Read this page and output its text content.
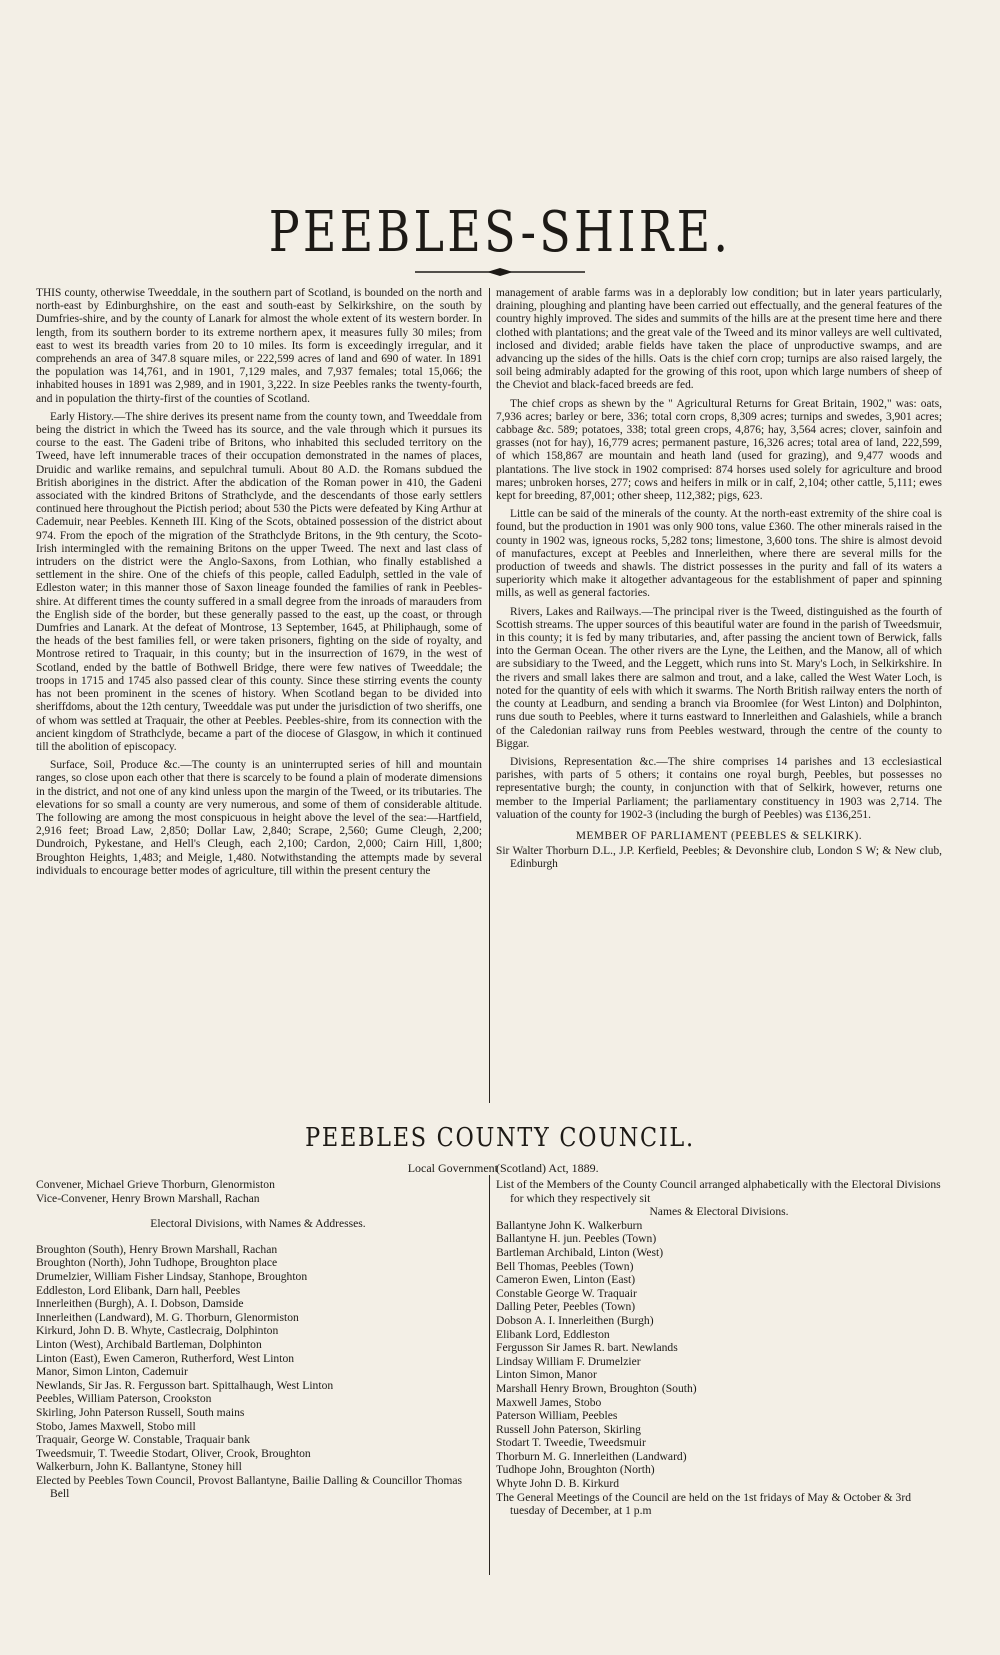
PEEBLES-SHIRE.

THIS county, otherwise Tweeddale, in the southern part of Scotland, is bounded on the north and north-east by Edinburghshire, on the east and south-east by Selkirkshire, on the south by Dumfries-shire, and by the county of Lanark for almost the whole extent of its western border. In length, from its southern border to its extreme northern apex, it measures fully 30 miles; from east to west its breadth varies from 20 to 10 miles. Its form is exceedingly irregular, and it comprehends an area of 347.8 square miles, or 222,599 acres of land and 690 of water. In 1891 the population was 14,761, and in 1901, 7,129 males, and 7,937 females; total 15,066; the inhabited houses in 1891 was 2,989, and in 1901, 3,222. In size Peebles ranks the twenty-fourth, and in population the thirty-first of the counties of Scotland.

Early History.—The shire derives its present name from the county town, and Tweeddale from being the district in which the Tweed has its source, and the vale through which it pursues its course to the east. The Gadeni tribe of Britons, who inhabited this secluded territory on the Tweed, have left innumerable traces of their occupation demonstrated in the names of places, Druidic and warlike remains, and sepulchral tumuli. About 80 A.D. the Romans subdued the British aborigines in the district. After the abdication of the Roman power in 410, the Gadeni associated with the kindred Britons of Strathclyde, and the descendants of those early settlers continued here throughout the Pictish period; about 530 the Picts were defeated by King Arthur at Cademuir, near Peebles. Kenneth III. King of the Scots, obtained possession of the district about 974. From the epoch of the migration of the Strathclyde Britons, in the 9th century, the Scoto-Irish intermingled with the remaining Britons on the upper Tweed. The next and last class of intruders on the district were the Anglo-Saxons, from Lothian, who finally established a settlement in the shire. One of the chiefs of this people, called Eadulph, settled in the vale of Edleston water; in this manner those of Saxon lineage founded the families of rank in Peebles-shire. At different times the county suffered in a small degree from the inroads of marauders from the English side of the border, but these generally passed to the east, up the coast, or through Dumfries and Lanark. At the defeat of Montrose, 13 September, 1645, at Philiphaugh, some of the heads of the best families fell, or were taken prisoners, fighting on the side of royalty, and Montrose retired to Traquair, in this county; but in the insurrection of 1679, in the west of Scotland, ended by the battle of Bothwell Bridge, there were few natives of Tweeddale; the troops in 1715 and 1745 also passed clear of this county. Since these stirring events the county has not been prominent in the scenes of history. When Scotland began to be divided into sheriffdoms, about the 12th century, Tweeddale was put under the jurisdiction of two sheriffs, one of whom was settled at Traquair, the other at Peebles. Peebles-shire, from its connection with the ancient kingdom of Strathclyde, became a part of the diocese of Glasgow, in which it continued till the abolition of episcopacy.

Surface, Soil, Produce &c.—The county is an uninterrupted series of hill and mountain ranges, so close upon each other that there is scarcely to be found a plain of moderate dimensions in the district, and not one of any kind unless upon the margin of the Tweed, or its tributaries. The elevations for so small a county are very numerous, and some of them of considerable altitude. The following are among the most conspicuous in height above the level of the sea:—Hartfield, 2,916 feet; Broad Law, 2,850; Dollar Law, 2,840; Scrape, 2,560; Gume Cleugh, 2,200; Dundroich, Pykestane, and Hell's Cleugh, each 2,100; Cardon, 2,000; Cairn Hill, 1,800; Broughton Heights, 1,483; and Meigle, 1,480. Notwithstanding the attempts made by several individuals to encourage better modes of agriculture, till within the present century the

management of arable farms was in a deplorably low condition; but in later years particularly, draining, ploughing and planting have been carried out effectually, and the general features of the country highly improved. The sides and summits of the hills are at the present time here and there clothed with plantations; and the great vale of the Tweed and its minor valleys are well cultivated, inclosed and divided; arable fields have taken the place of unproductive swamps, and are advancing up the sides of the hills. Oats is the chief corn crop; turnips are also raised largely, the soil being admirably adapted for the growing of this root, upon which large numbers of sheep of the Cheviot and black-faced breeds are fed.

The chief crops as shewn by the " Agricultural Returns for Great Britain, 1902," was: oats, 7,936 acres; barley or bere, 336; total corn crops, 8,309 acres; turnips and swedes, 3,901 acres; cabbage &c. 589; potatoes, 338; total green crops, 4,876; hay, 3,564 acres; clover, sainfoin and grasses (not for hay), 16,779 acres; permanent pasture, 16,326 acres; total area of land, 222,599, of which 158,867 are mountain and heath land (used for grazing), and 9,477 woods and plantations. The live stock in 1902 comprised: 874 horses used solely for agriculture and brood mares; unbroken horses, 277; cows and heifers in milk or in calf, 2,104; other cattle, 5,111; ewes kept for breeding, 87,001; other sheep, 112,382; pigs, 623.

Little can be said of the minerals of the county. At the north-east extremity of the shire coal is found, but the production in 1901 was only 900 tons, value £360. The other minerals raised in the county in 1902 was, igneous rocks, 5,282 tons; limestone, 3,600 tons. The shire is almost devoid of manufactures, except at Peebles and Innerleithen, where there are several mills for the production of tweeds and shawls. The district possesses in the purity and fall of its waters a superiority which make it altogether advantageous for the establishment of paper and spinning mills, as well as general factories.

Rivers, Lakes and Railways.—The principal river is the Tweed, distinguished as the fourth of Scottish streams. The upper sources of this beautiful water are found in the parish of Tweedsmuir, in this county; it is fed by many tributaries, and, after passing the ancient town of Berwick, falls into the German Ocean. The other rivers are the Lyne, the Leithen, and the Manow, all of which are subsidiary to the Tweed, and the Leggett, which runs into St. Mary's Loch, in Selkirkshire. In the rivers and small lakes there are salmon and trout, and a lake, called the West Water Loch, is noted for the quantity of eels with which it swarms. The North British railway enters the north of the county at Leadburn, and sending a branch via Broomlee (for West Linton) and Dolphinton, runs due south to Peebles, where it turns eastward to Innerleithen and Galashiels, while a branch of the Caledonian railway runs from Peebles westward, through the centre of the county to Biggar.

Divisions, Representation &c.—The shire comprises 14 parishes and 13 ecclesiastical parishes, with parts of 5 others; it contains one royal burgh, Peebles, but possesses no representative burgh; the county, in conjunction with that of Selkirk, however, returns one member to the Imperial Parliament; the parliamentary constituency in 1903 was 2,714. The valuation of the county for 1902-3 (including the burgh of Peebles) was £136,251.

MEMBER OF PARLIAMENT (PEEBLES & SELKIRK).

Sir Walter Thorburn D.L., J.P. Kerfield, Peebles; & Devonshire club, London S W; & New club, Edinburgh

PEEBLES COUNTY COUNCIL.
Local Government
(Scotland) Act, 1889.
Convener, Michael Grieve Thorburn, Glenormiston
Vice-Convener, Henry Brown Marshall, Rachan
Electoral Divisions, with Names & Addresses.
Broughton (South), Henry Brown Marshall, Rachan
Broughton (North), John Tudhope, Broughton place
Drumelzier, William Fisher Lindsay, Stanhope, Broughton
Eddleston, Lord Elibank, Darn hall, Peebles
Innerleithen (Burgh), A. I. Dobson, Damside
Innerleithen (Landward), M. G. Thorburn, Glenormiston
Kirkurd, John D. B. Whyte, Castlecraig, Dolphinton
Linton (West), Archibald Bartleman, Dolphinton
Linton (East), Ewen Cameron, Rutherford, West Linton
Manor, Simon Linton, Cademuir
Newlands, Sir Jas. R. Fergusson bart. Spittalhaugh, West Linton
Peebles, William Paterson, Crookston
Skirling, John Paterson Russell, South mains
Stobo, James Maxwell, Stobo mill
Traquair, George W. Constable, Traquair bank
Tweedsmuir, T. Tweedie Stodart, Oliver, Crook, Broughton
Walkerburn, John K. Ballantyne, Stoney hill
Elected by Peebles Town Council, Provost Ballantyne, Bailie Dalling & Councillor Thomas Bell
List of the Members of the County Council arranged alphabetically with the Electoral Divisions for which they respectively sit
Names & Electoral Divisions.
Ballantyne John K. Walkerburn
Ballantyne H. jun. Peebles (Town)
Bartleman Archibald, Linton (West)
Bell Thomas, Peebles (Town)
Cameron Ewen, Linton (East)
Constable George W. Traquair
Dalling Peter, Peebles (Town)
Dobson A. I. Innerleithen (Burgh)
Elibank Lord, Eddleston
Fergusson Sir James R. bart. Newlands
Lindsay William F. Drumelzier
Linton Simon, Manor
Marshall Henry Brown, Broughton (South)
Maxwell James, Stobo
Paterson William, Peebles
Russell John Paterson, Skirling
Stodart T. Tweedie, Tweedsmuir
Thorburn M. G. Innerleithen (Landward)
Tudhope John, Broughton (North)
Whyte John D. B. Kirkurd
The General Meetings of the Council are held on the 1st fridays of May & October & 3rd tuesday of December, at 1 p.m
